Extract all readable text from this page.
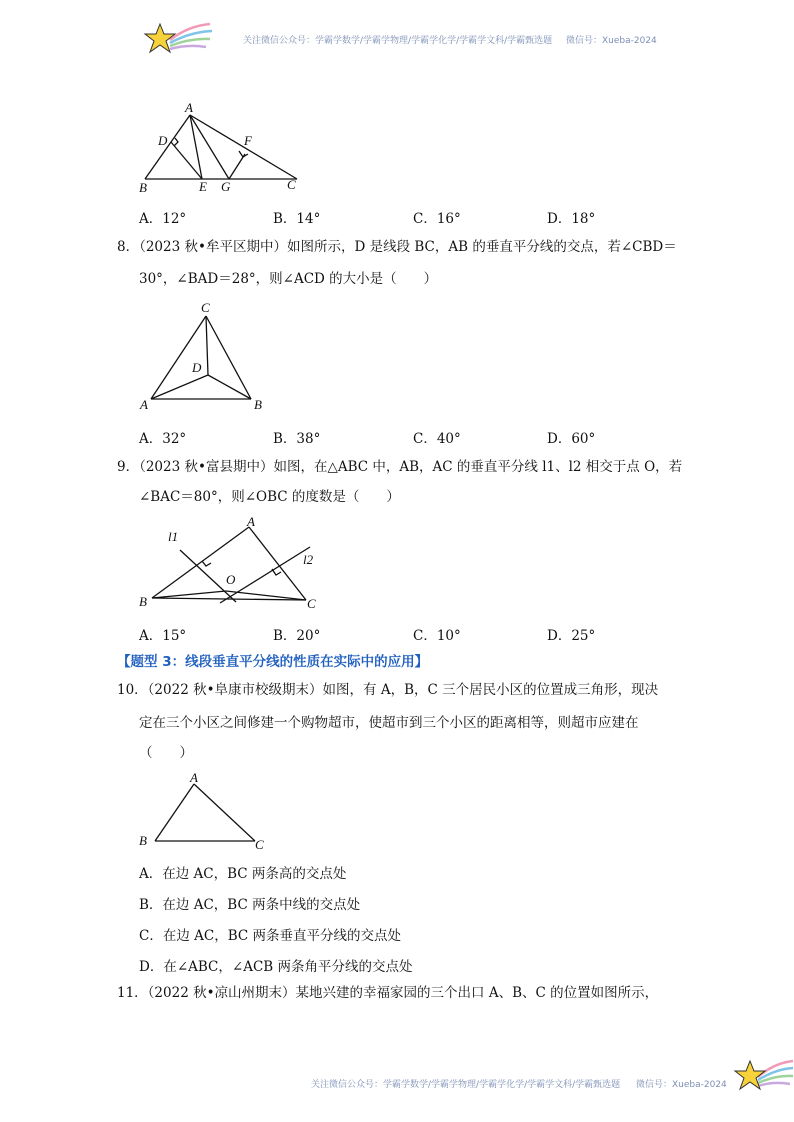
关注微信公众号：学霸学数学/学霸学物理/学霸学化学/学霸学文科/学霸甄选题 微信号：Xueba-2024
A
D	F
B	E G	C
A．12°	B．14°	C．16°	D．18°
8．（2023 秋•牟平区期中）如图所示，D 是线段 BC，AB 的垂直平分线的交点，若∠CBD＝
30°，∠BAD＝28°，则∠ACD 的大小是（　　）
C
D
A	B
A．32°	B．38°	C．40°	D．60°
9．（2023 秋•富县期中）如图，在△ABC 中，AB，AC 的垂直平分线 l1、l2 相交于点 O，若
∠BAC＝80°，则∠OBC 的度数是（　　）
A
l1
l2
O
B	C
A．15°	B．20°	C．10°	D．25°
【题型 3：线段垂直平分线的性质在实际中的应用】
10．（2022 秋•阜康市校级期末）如图，有 A，B，C 三个居民小区的位置成三角形，现决
定在三个小区之间修建一个购物超市，使超市到三个小区的距离相等，则超市应建在
（　　）
A
B	C
A．在边 AC，BC 两条高的交点处
B．在边 AC，BC 两条中线的交点处
C．在边 AC，BC 两条垂直平分线的交点处
D．在∠ABC，∠ACB 两条角平分线的交点处
11．（2022 秋•凉山州期末）某地兴建的幸福家园的三个出口 A、B、C 的位置如图所示，
关注微信公众号：学霸学数学/学霸学物理/学霸学化学/学霸学文科/学霸甄选题 微信号：Xueba-2024
